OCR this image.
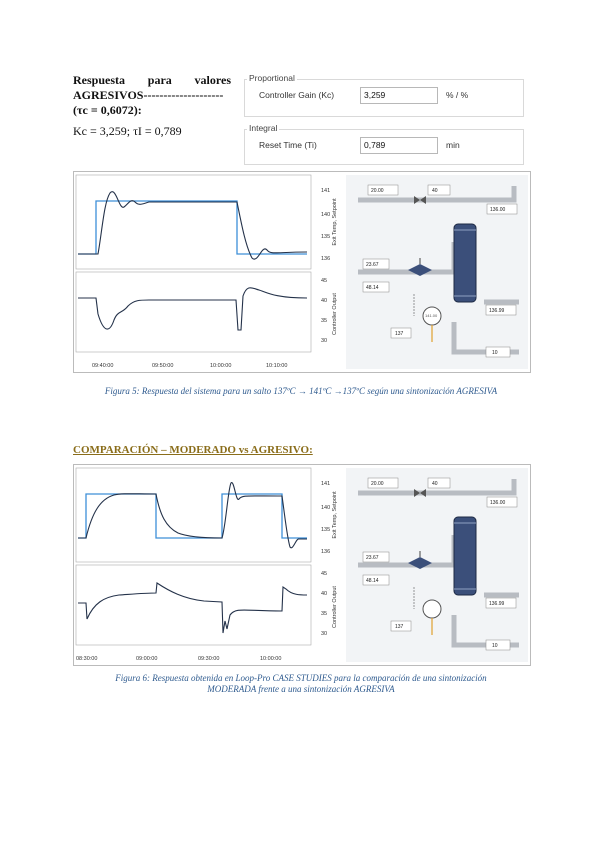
Respuesta para valores AGRESIVOS--------------------(τc = 0,6072):
Kc = 3,259; τI = 0,789
Proportional
Controller Gain (Kc)	3,259	% / %
Integral
Reset Time (Ti)	0,789	min
Exit Temp, Setpoint
Controller Output
141
140
135
136
45
40
35
30
09:40:00	09:50:00	10:00:00	10:10:00
20.00	40
136.00
23.67
48.14
141.00
137
136.99
10
Figura 5: Respuesta del sistema para un salto 137ºC → 141ºC →137ºC según una sintonización AGRESIVA
COMPARACIÓN – MODERADO vs AGRESIVO:
Exit Temp, Setpoint
Controller Output
141
140
135
136
45
40
35
30
08:30:00	09:00:00	09:30:00	10:00:00
20.00	40
136.00
23.67
48.14
137
136.99
10
Figura 6: Respuesta obtenida en Loop-Pro CASE STUDIES para la comparación de una sintonización MODERADA frente a una sintonización AGRESIVA
